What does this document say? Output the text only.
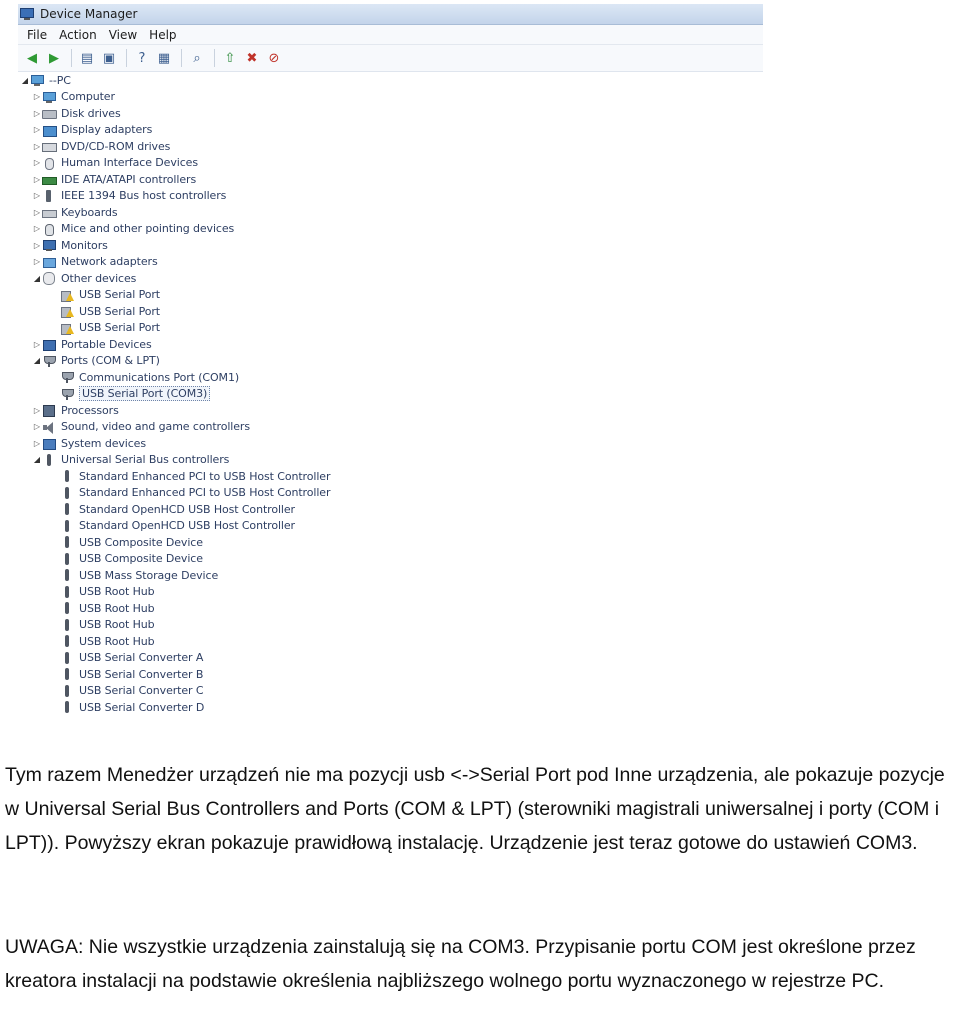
Device Manager
File	Action	View	Help
◀ ▶	▤ ▣	? ▦	⌕	⇧ ✖ ⊘
◢ --PC
▷ Computer
▷ Disk drives
▷ Display adapters
▷ DVD/CD-ROM drives
▷ Human Interface Devices
▷ IDE ATA/ATAPI controllers
▷ IEEE 1394 Bus host controllers
▷ Keyboards
▷ Mice and other pointing devices
▷ Monitors
▷ Network adapters
◢ Other devices
USB Serial Port
USB Serial Port
USB Serial Port
▷ Portable Devices
◢ Ports (COM & LPT)
Communications Port (COM1)
USB Serial Port (COM3)
▷ Processors
▷ Sound, video and game controllers
▷ System devices
◢ Universal Serial Bus controllers
Standard Enhanced PCI to USB Host Controller
Standard Enhanced PCI to USB Host Controller
Standard OpenHCD USB Host Controller
Standard OpenHCD USB Host Controller
USB Composite Device
USB Composite Device
USB Mass Storage Device
USB Root Hub
USB Root Hub
USB Root Hub
USB Root Hub
USB Serial Converter A
USB Serial Converter B
USB Serial Converter C
USB Serial Converter D

Tym razem Menedżer urządzeń nie ma pozycji usb <->Serial Port pod Inne urządzenia, ale pokazuje pozycje w Universal Serial Bus Controllers and Ports (COM & LPT) (sterowniki magistrali uniwersalnej i porty (COM i LPT)). Powyższy ekran pokazuje prawidłową instalację. Urządzenie jest teraz gotowe do ustawień COM3.

UWAGA: Nie wszystkie urządzenia zainstalują się na COM3. Przypisanie portu COM jest określone przez kreatora instalacji na podstawie określenia najbliższego wolnego portu wyznaczonego w rejestrze PC.
